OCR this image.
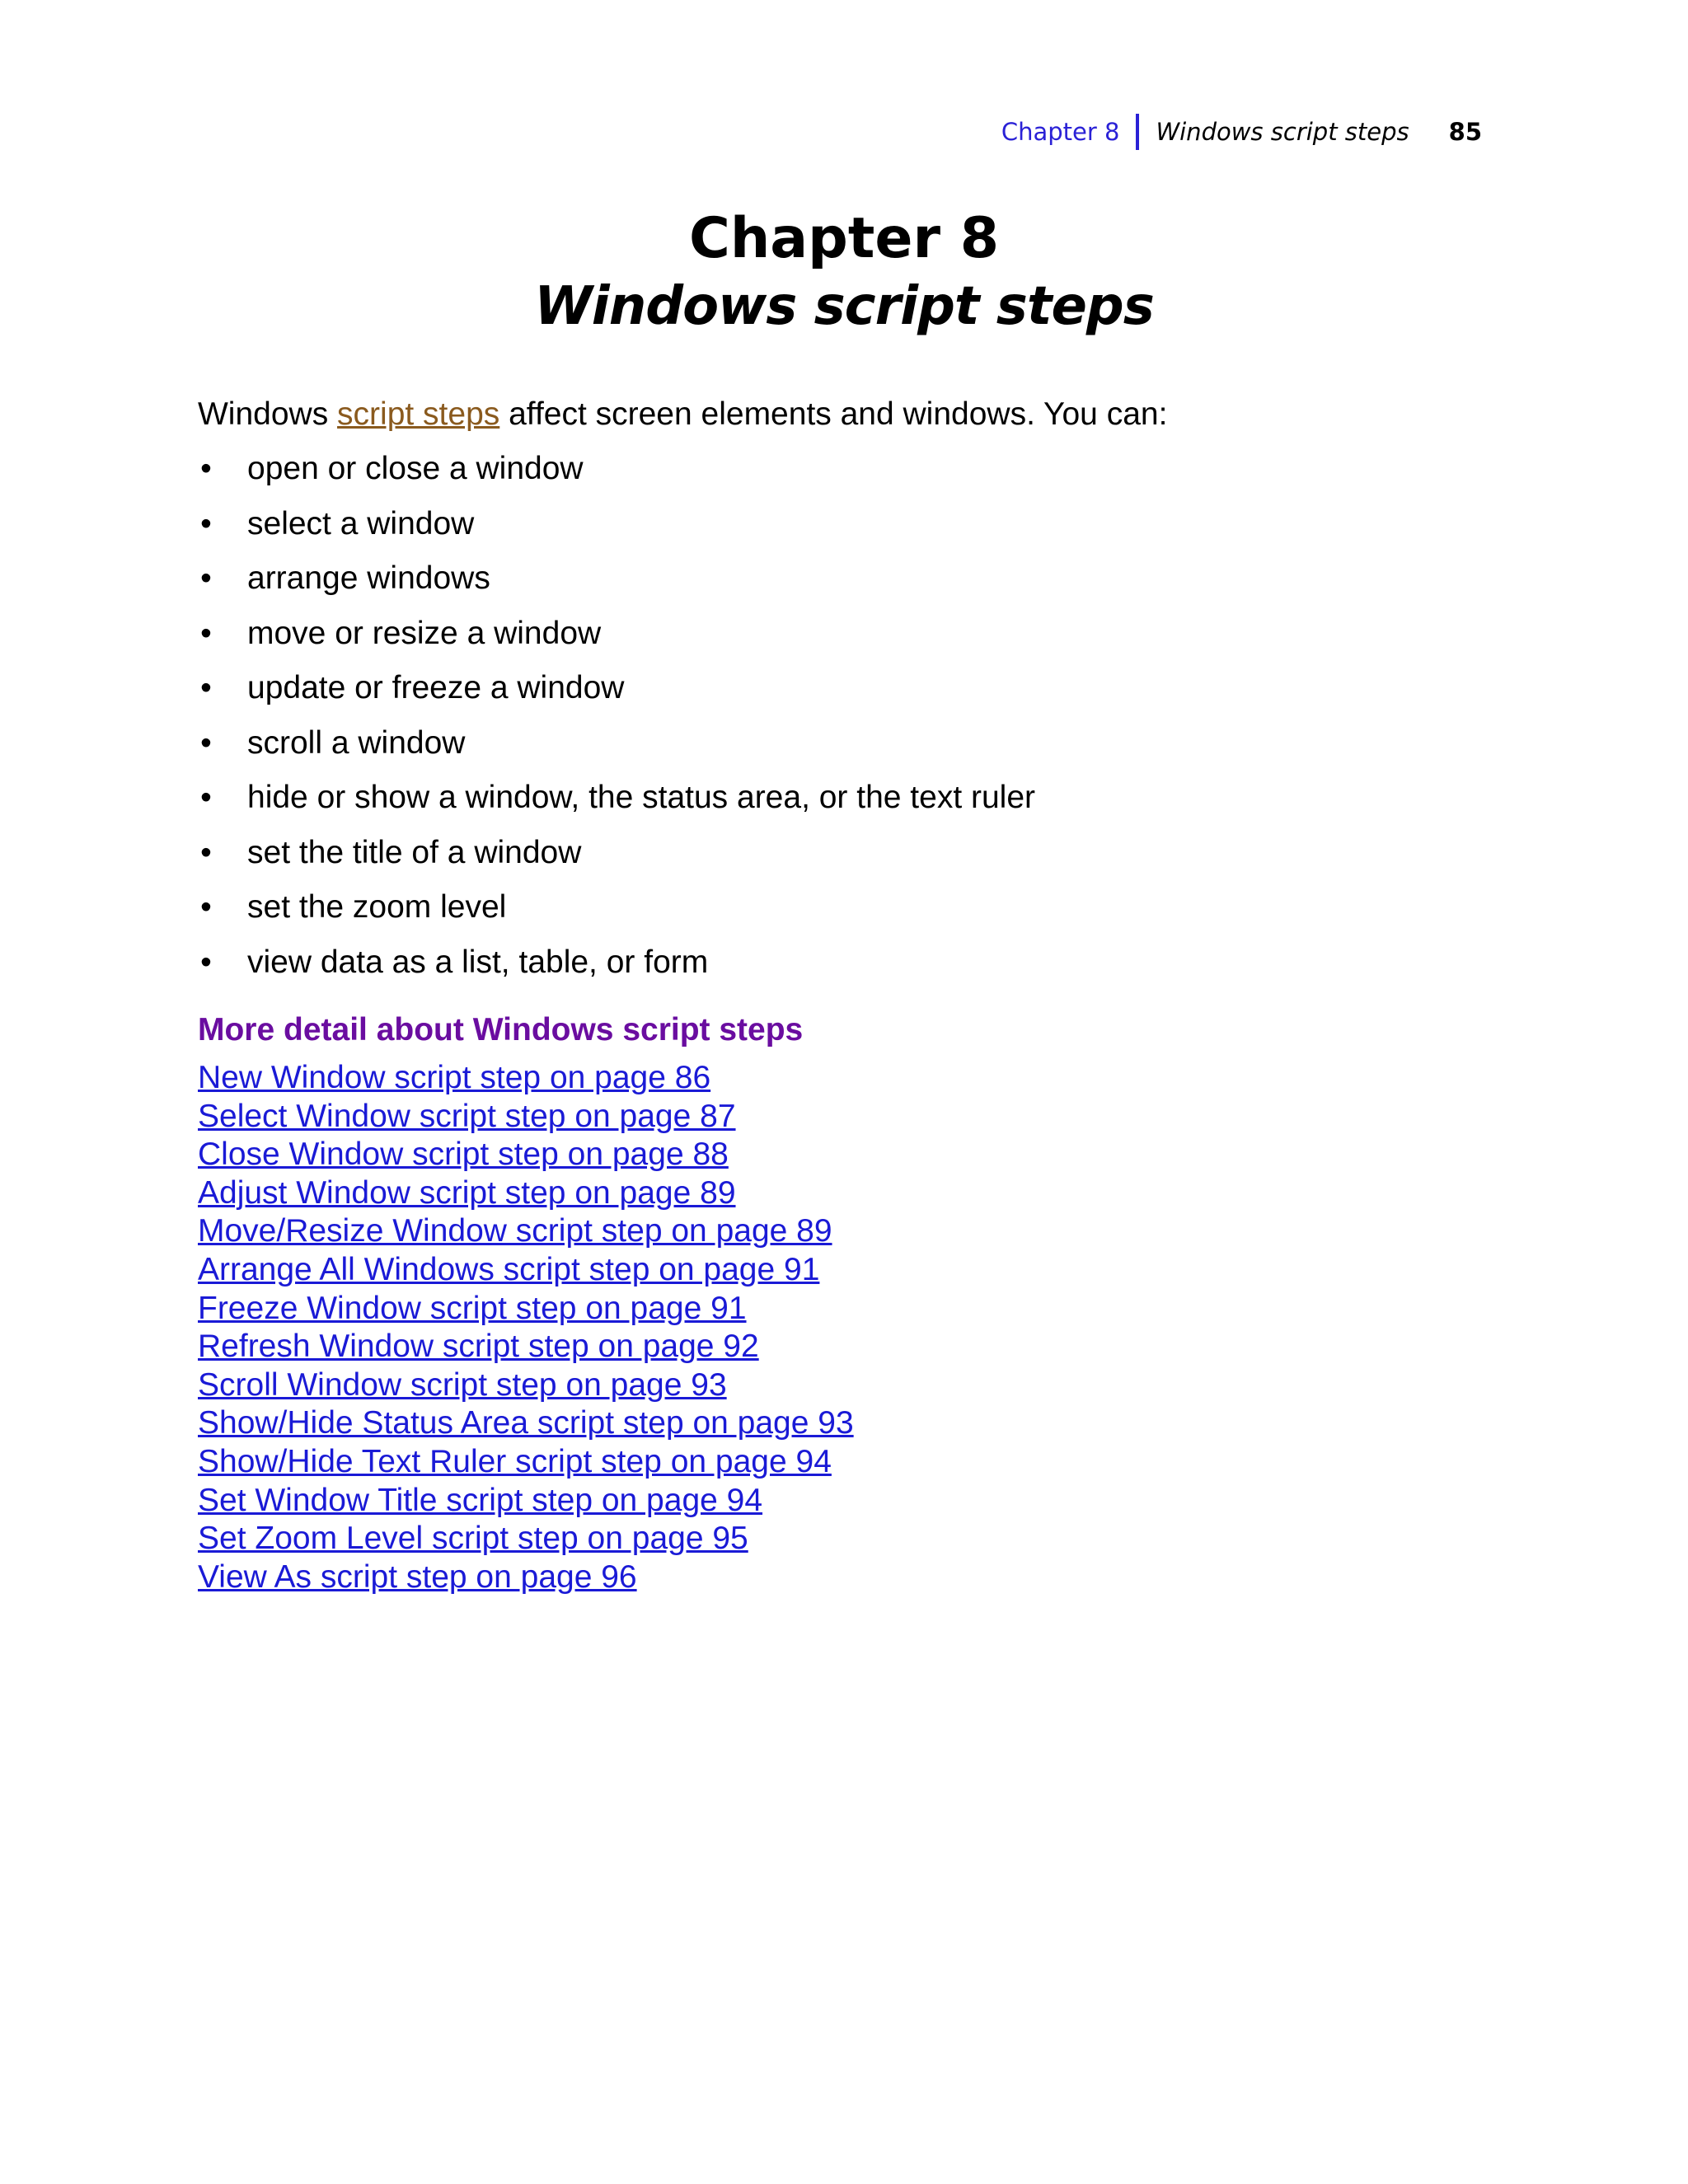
Chapter 8 Windows script steps 85
Chapter 8
Windows script steps

Windows script steps affect screen elements and windows. You can:

• open or close a window
• select a window
• arrange windows
• move or resize a window
• update or freeze a window
• scroll a window
• hide or show a window, the status area, or the text ruler
• set the title of a window
• set the zoom level
• view data as a list, table, or form
More detail about Windows script steps
New Window script step on page 86
Select Window script step on page 87
Close Window script step on page 88
Adjust Window script step on page 89
Move/Resize Window script step on page 89
Arrange All Windows script step on page 91
Freeze Window script step on page 91
Refresh Window script step on page 92
Scroll Window script step on page 93
Show/Hide Status Area script step on page 93
Show/Hide Text Ruler script step on page 94
Set Window Title script step on page 94
Set Zoom Level script step on page 95
View As script step on page 96
